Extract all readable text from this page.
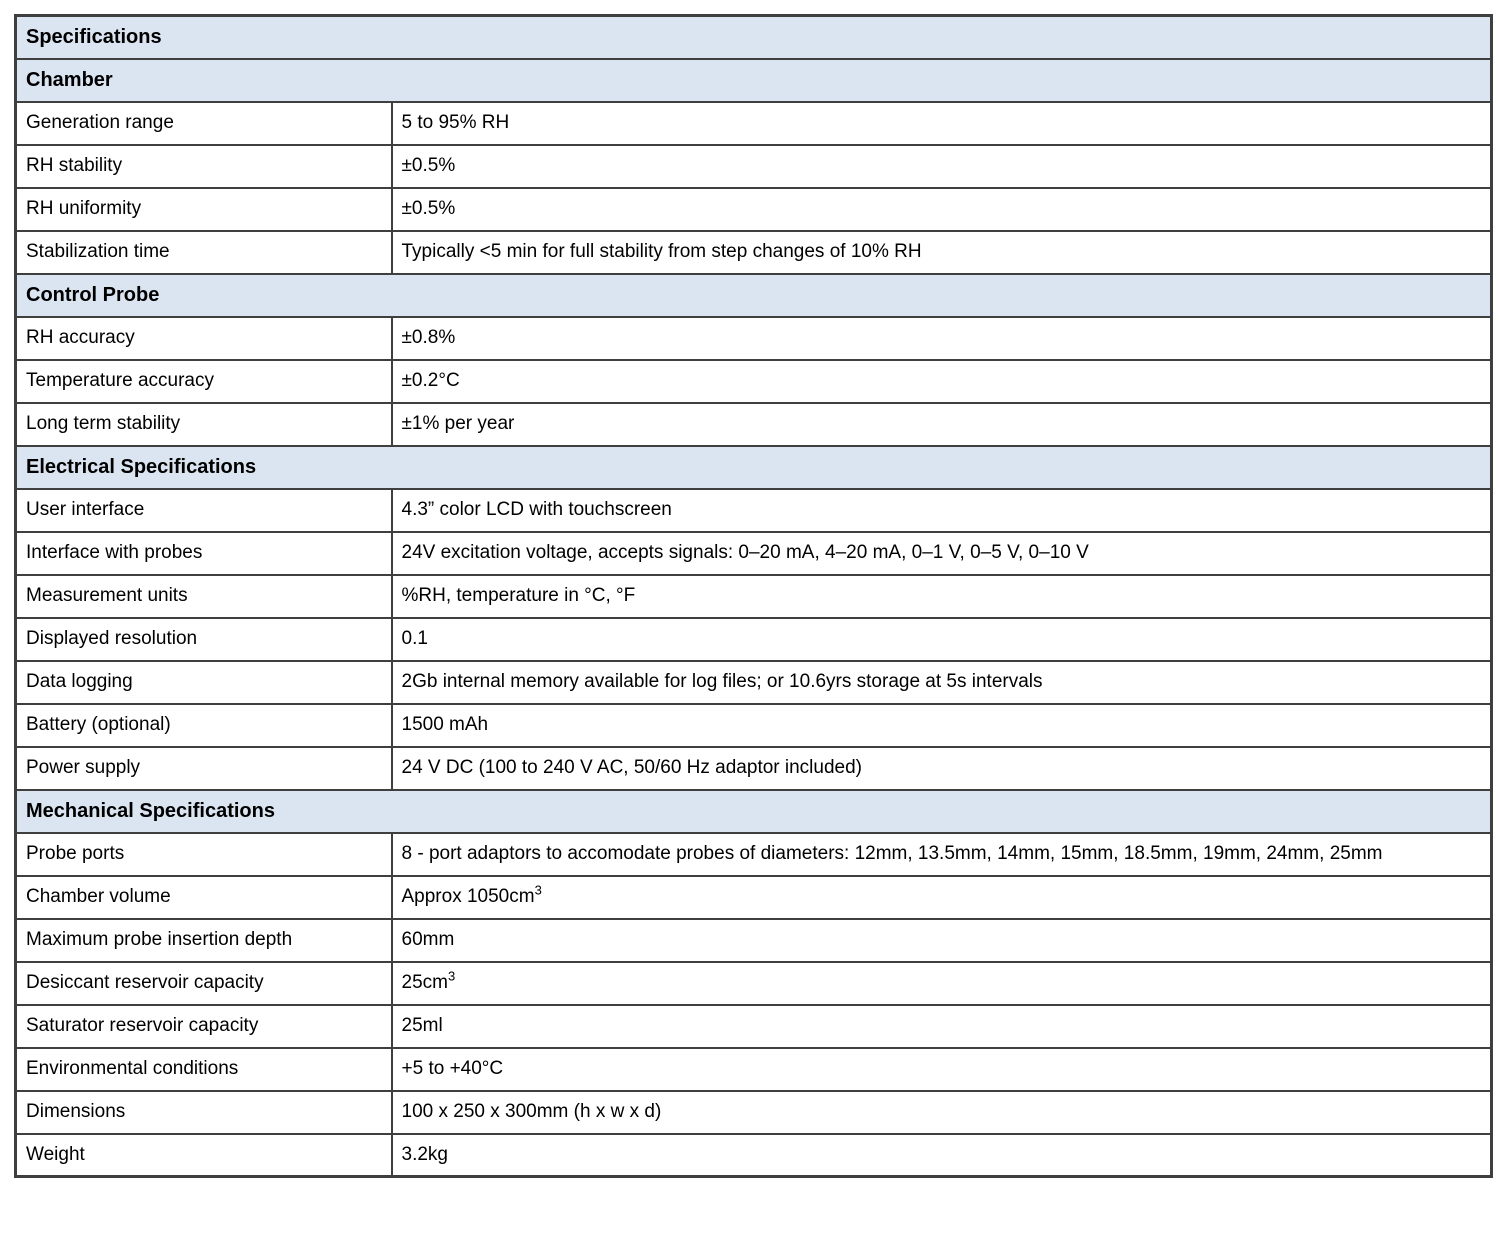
Specifications	
Chamber	
Generation range	5 to 95% RH
RH stability	±0.5%
RH uniformity	±0.5%
Stabilization time	Typically <5 min for full stability from step changes of 10% RH
Control Probe	
RH accuracy	±0.8%
Temperature accuracy	±0.2°C
Long term stability	±1% per year
Electrical Specifications	
User interface	4.3” color LCD with touchscreen
Interface with probes	24V excitation voltage, accepts signals: 0–20 mA, 4–20 mA, 0–1 V, 0–5 V, 0–10 V
Measurement units	%RH, temperature in °C, °F
Displayed resolution	0.1
Data logging	2Gb internal memory available for log files; or 10.6yrs storage at 5s intervals
Battery (optional)	1500 mAh
Power supply	24 V DC (100 to 240 V AC, 50/60 Hz adaptor included)
Mechanical Specifications	
Probe ports	8 - port adaptors to accomodate probes of diameters: 12mm, 13.5mm, 14mm, 15mm, 18.5mm, 19mm, 24mm, 25mm
Chamber volume	Approx $1050cm^3$
Maximum probe insertion depth	60mm
Desiccant reservoir capacity	$25cm^3$
Saturator reservoir capacity	25ml
Environmental conditions	+5 to +40°C
Dimensions	100 x 250 x 300mm (h x w x d)
Weight	3.2kg
